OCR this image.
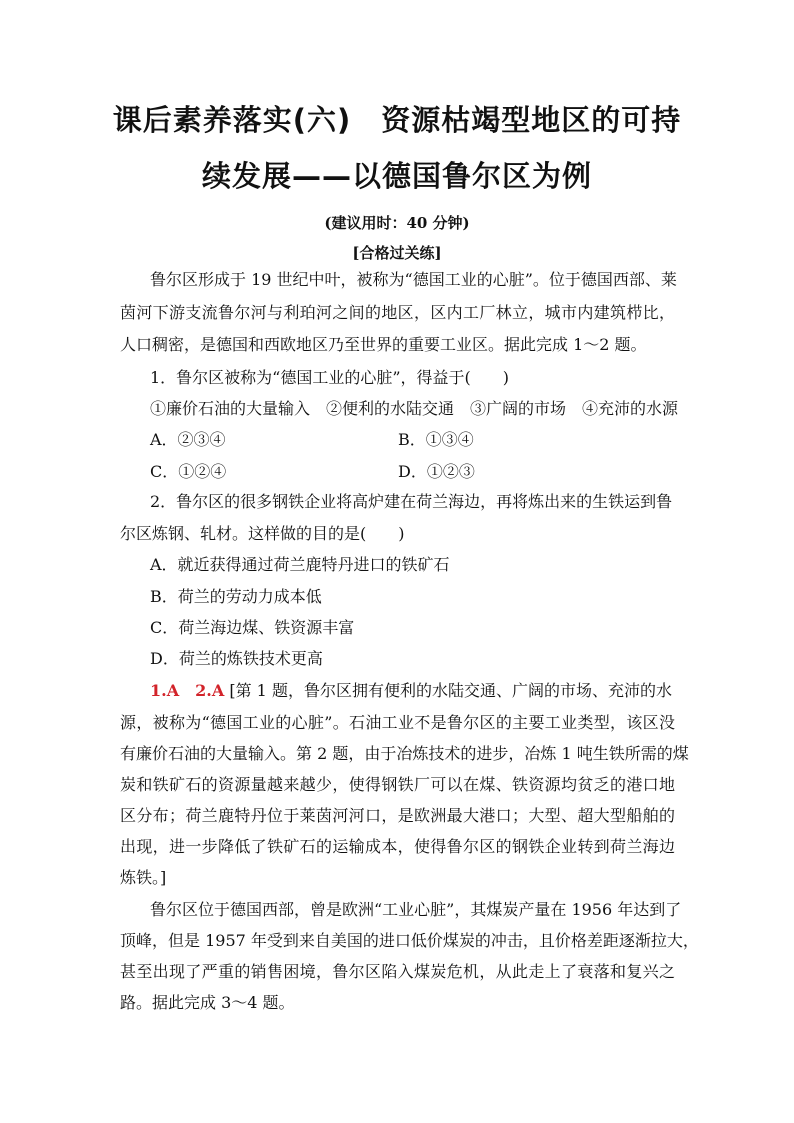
课后素养落实(六)　资源枯竭型地区的可持
续发展——以德国鲁尔区为例
(建议用时：40 分钟)
[合格过关练]
鲁尔区形成于 19 世纪中叶，被称为“德国工业的心脏”。位于德国西部、莱
茵河下游支流鲁尔河与利珀河之间的地区，区内工厂林立，城市内建筑栉比，
人口稠密，是德国和西欧地区乃至世界的重要工业区。据此完成 1～2 题。
1．鲁尔区被称为“德国工业的心脏”，得益于(　　)
①廉价石油的大量输入　②便利的水陆交通　③广阔的市场　④充沛的水源
A．②③④	B．①③④
C．①②④	D．①②③
2．鲁尔区的很多钢铁企业将高炉建在荷兰海边，再将炼出来的生铁运到鲁
尔区炼钢、轧材。这样做的目的是(　　)
A．就近获得通过荷兰鹿特丹进口的铁矿石
B．荷兰的劳动力成本低
C．荷兰海边煤、铁资源丰富
D．荷兰的炼铁技术更高
1.A　2.A [第 1 题，鲁尔区拥有便利的水陆交通、广阔的市场、充沛的水
源，被称为“德国工业的心脏”。石油工业不是鲁尔区的主要工业类型，该区没
有廉价石油的大量输入。第 2 题，由于冶炼技术的进步，冶炼 1 吨生铁所需的煤
炭和铁矿石的资源量越来越少，使得钢铁厂可以在煤、铁资源均贫乏的港口地
区分布；荷兰鹿特丹位于莱茵河河口，是欧洲最大港口；大型、超大型船舶的
出现，进一步降低了铁矿石的运输成本，使得鲁尔区的钢铁企业转到荷兰海边
炼铁。]
鲁尔区位于德国西部，曾是欧洲“工业心脏”，其煤炭产量在 1956 年达到了
顶峰，但是 1957 年受到来自美国的进口低价煤炭的冲击，且价格差距逐渐拉大，
甚至出现了严重的销售困境，鲁尔区陷入煤炭危机，从此走上了衰落和复兴之
路。据此完成 3～4 题。
